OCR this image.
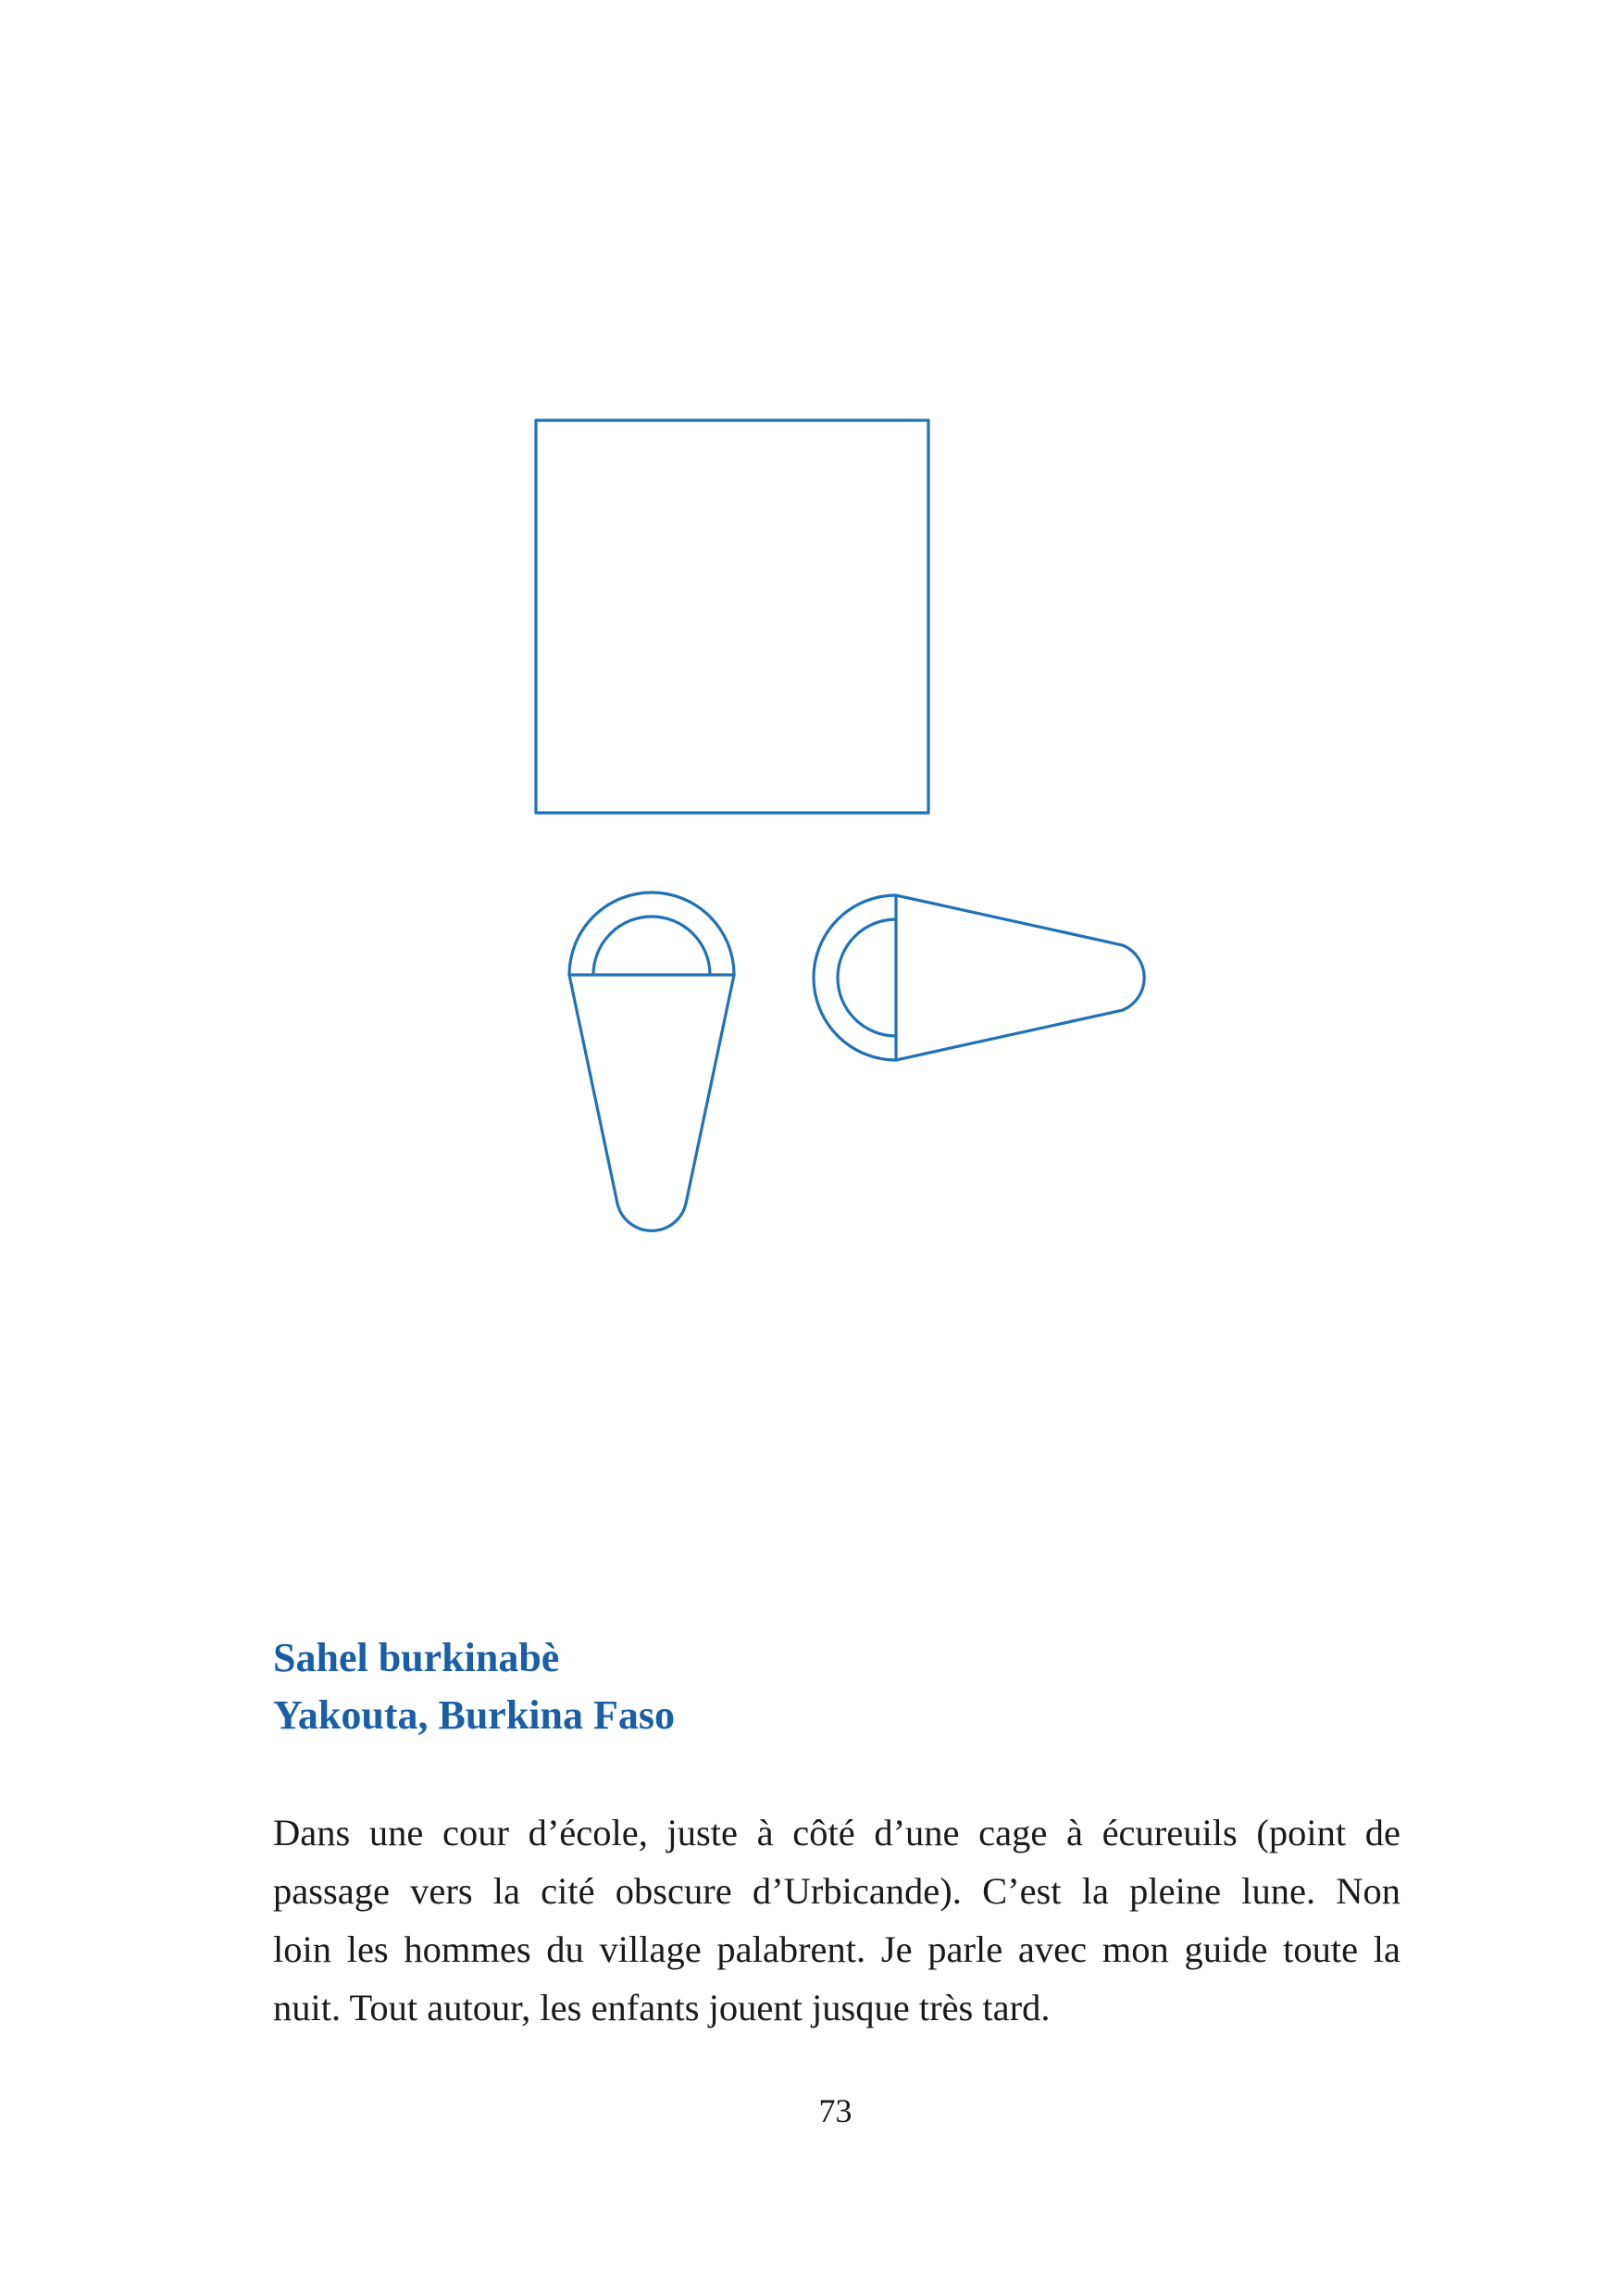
Sahel burkinabè
Yakouta, Burkina Faso

Dans une cour d’école, juste à côté d’une cage à écureuils (point de
passage vers la cité obscure d’Urbicande). C’est la pleine lune. Non
loin les hommes du village palabrent. Je parle avec mon guide toute la
nuit. Tout autour, les enfants jouent jusque très tard.

73
